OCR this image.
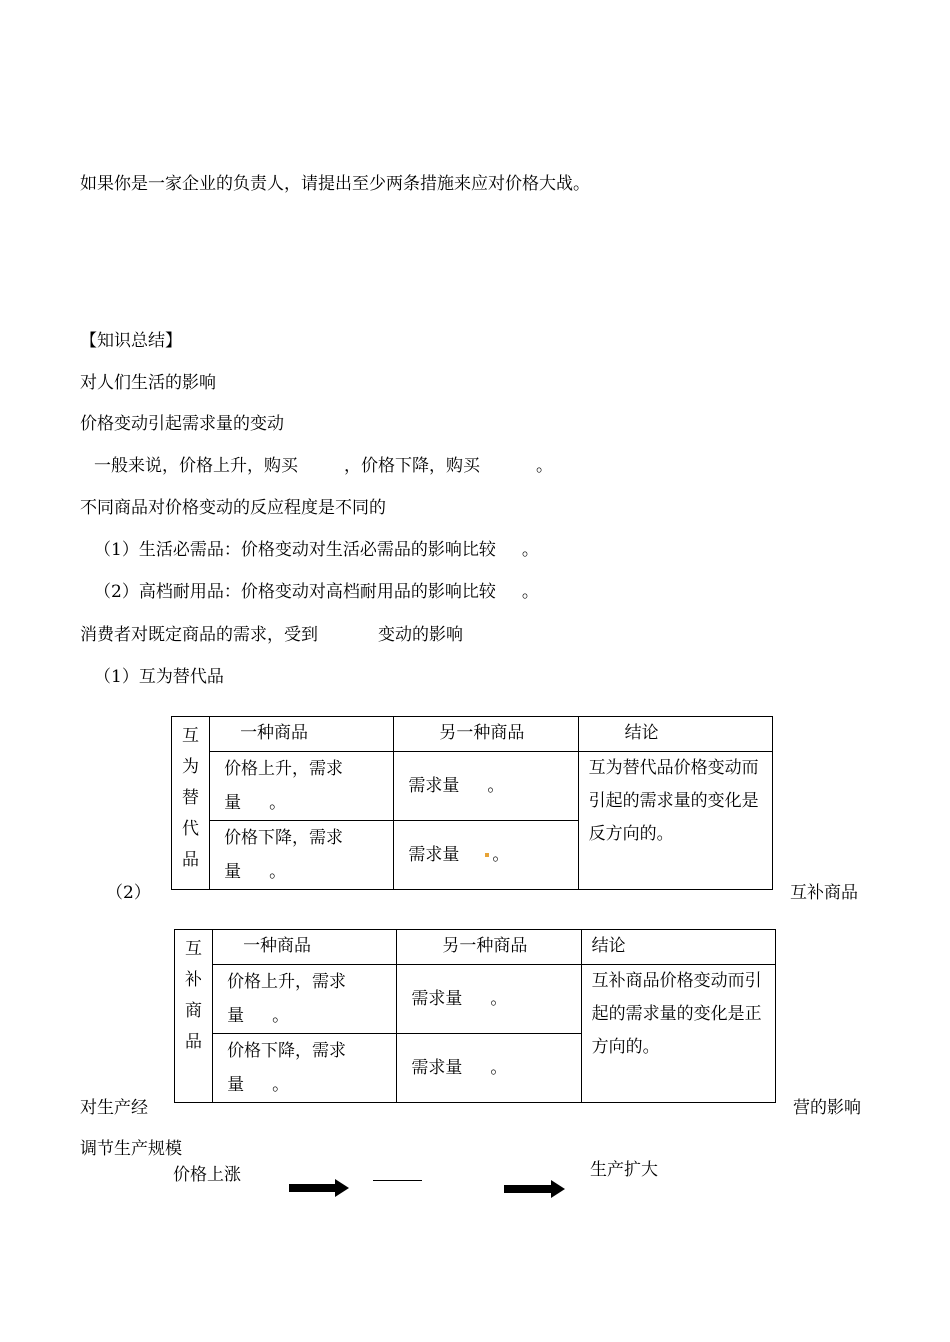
如果你是一家企业的负责人，请提出至少两条措施来应对价格大战。
【知识总结】
对人们生活的影响
价格变动引起需求量的变动
一般来说，价格上升，购买	，价格下降，购买	。
不同商品对价格变动的反应程度是不同的
（1）生活必需品：价格变动对生活必需品的影响比较 。
（2）高档耐用品：价格变动对高档耐用品的影响比较 。
消费者对既定商品的需求，受到	变动的影响
（1）互为替代品
互
为
替
代
品	一种商品	另一种商品	结论
	价格上升，需求
量 。	需求量 。	互为替代品价格变动而引起的需求量的变化是反方向的。
	价格下降，需求
量 。	需求量 。	
（2）	互补商品
互
补
商
品	一种商品	另一种商品	结论
	价格上升，需求
量 。	需求量 。	互补商品价格变动而引起的需求量的变化是正方向的。
	价格下降，需求
量 。	需求量 。	
对生产经	营的影响
调节生产规模
价格上涨	生产扩大
